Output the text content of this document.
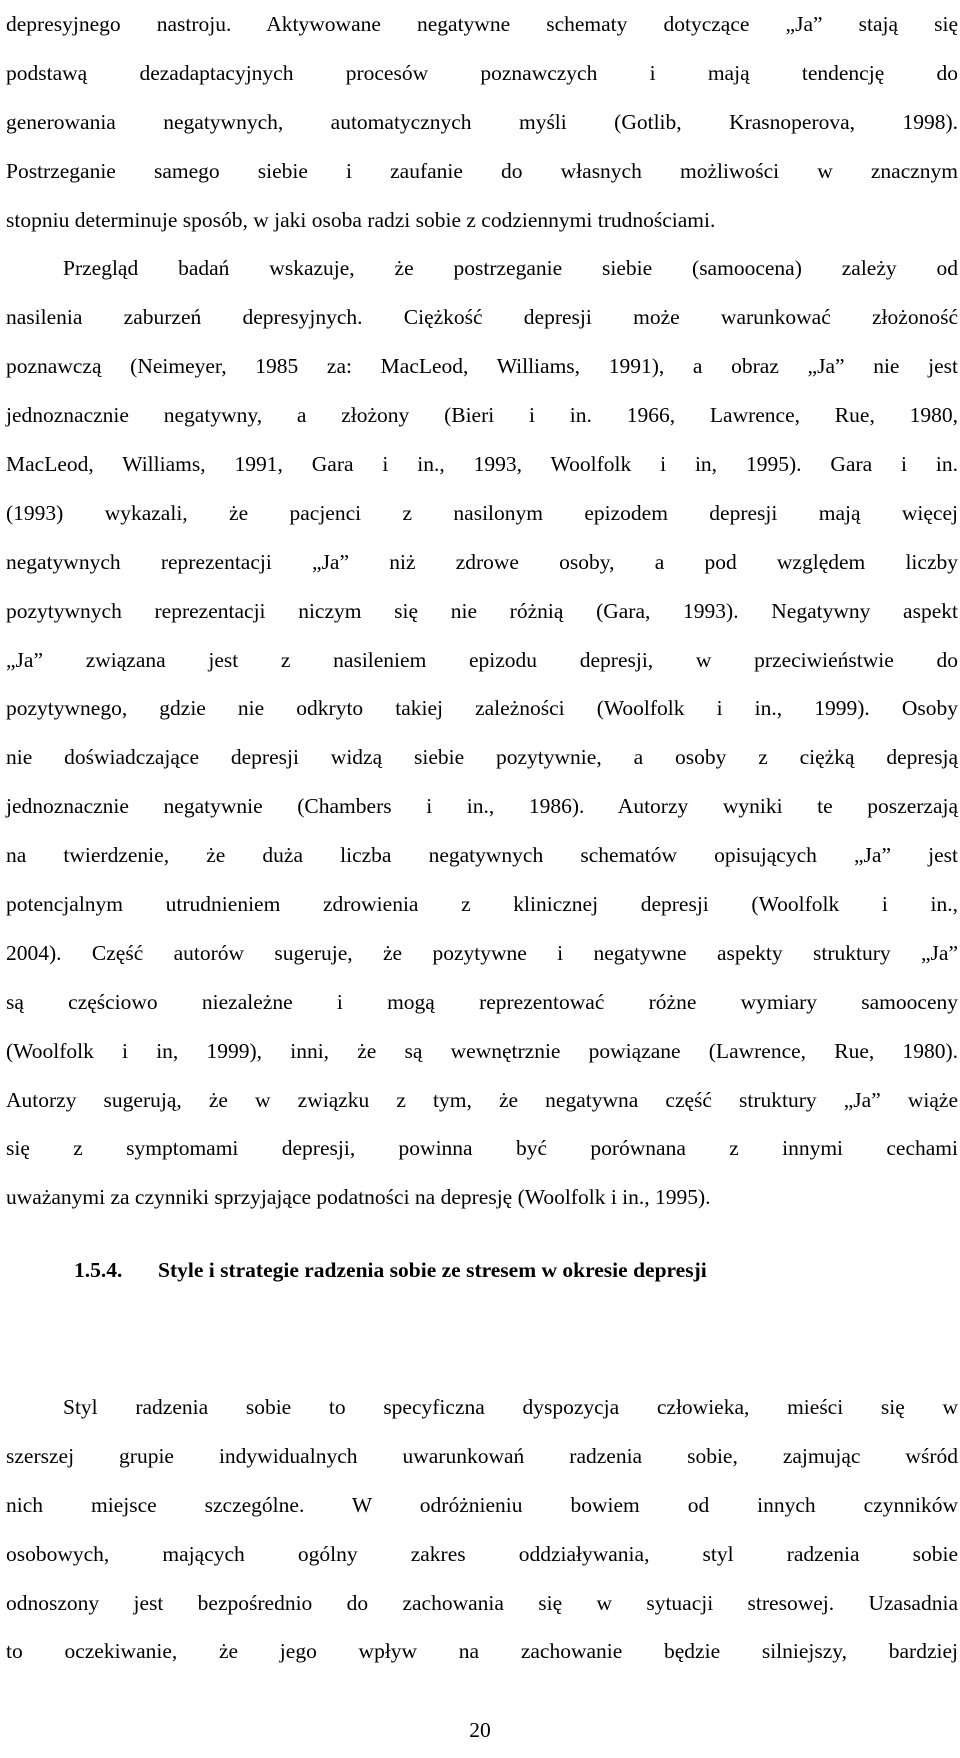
depresyjnego nastroju. Aktywowane negatywne schematy dotyczące „Ja” stają się
podstawą dezadaptacyjnych procesów poznawczych i mają tendencję do
generowania negatywnych, automatycznych myśli (Gotlib, Krasnoperova, 1998).
Postrzeganie samego siebie i zaufanie do własnych możliwości w znacznym
stopniu determinuje sposób, w jaki osoba radzi sobie z codziennymi trudnościami.
Przegląd badań wskazuje, że postrzeganie siebie (samoocena) zależy od
nasilenia zaburzeń depresyjnych. Ciężkość depresji może warunkować złożoność
poznawczą (Neimeyer, 1985 za: MacLeod, Williams, 1991), a obraz „Ja” nie jest
jednoznacznie negatywny, a złożony (Bieri i in. 1966, Lawrence, Rue, 1980,
MacLeod, Williams, 1991, Gara i in., 1993, Woolfolk i in, 1995). Gara i in.
(1993) wykazali, że pacjenci z nasilonym epizodem depresji mają więcej
negatywnych reprezentacji „Ja” niż zdrowe osoby, a pod względem liczby
pozytywnych reprezentacji niczym się nie różnią (Gara, 1993). Negatywny aspekt
„Ja” związana jest z nasileniem epizodu depresji, w przeciwieństwie do
pozytywnego, gdzie nie odkryto takiej zależności (Woolfolk i in., 1999). Osoby
nie doświadczające depresji widzą siebie pozytywnie, a osoby z ciężką depresją
jednoznacznie negatywnie (Chambers i in., 1986). Autorzy wyniki te poszerzają
na twierdzenie, że duża liczba negatywnych schematów opisujących „Ja” jest
potencjalnym utrudnieniem zdrowienia z klinicznej depresji (Woolfolk i in.,
2004). Część autorów sugeruje, że pozytywne i negatywne aspekty struktury „Ja”
są częściowo niezależne i mogą reprezentować różne wymiary samooceny
(Woolfolk i in, 1999), inni, że są wewnętrznie powiązane (Lawrence, Rue, 1980).
Autorzy sugerują, że w związku z tym, że negatywna część struktury „Ja” wiąże
się z symptomami depresji, powinna być porównana z innymi cechami
uważanymi za czynniki sprzyjające podatności na depresję (Woolfolk i in., 1995).
1.5.4. Style i strategie radzenia sobie ze stresem w okresie depresji
Styl radzenia sobie to specyficzna dyspozycja człowieka, mieści się w
szerszej grupie indywidualnych uwarunkowań radzenia sobie, zajmując wśród
nich miejsce szczególne. W odróżnieniu bowiem od innych czynników
osobowych, mających ogólny zakres oddziaływania, styl radzenia sobie
odnoszony jest bezpośrednio do zachowania się w sytuacji stresowej. Uzasadnia
to oczekiwanie, że jego wpływ na zachowanie będzie silniejszy, bardziej
20
